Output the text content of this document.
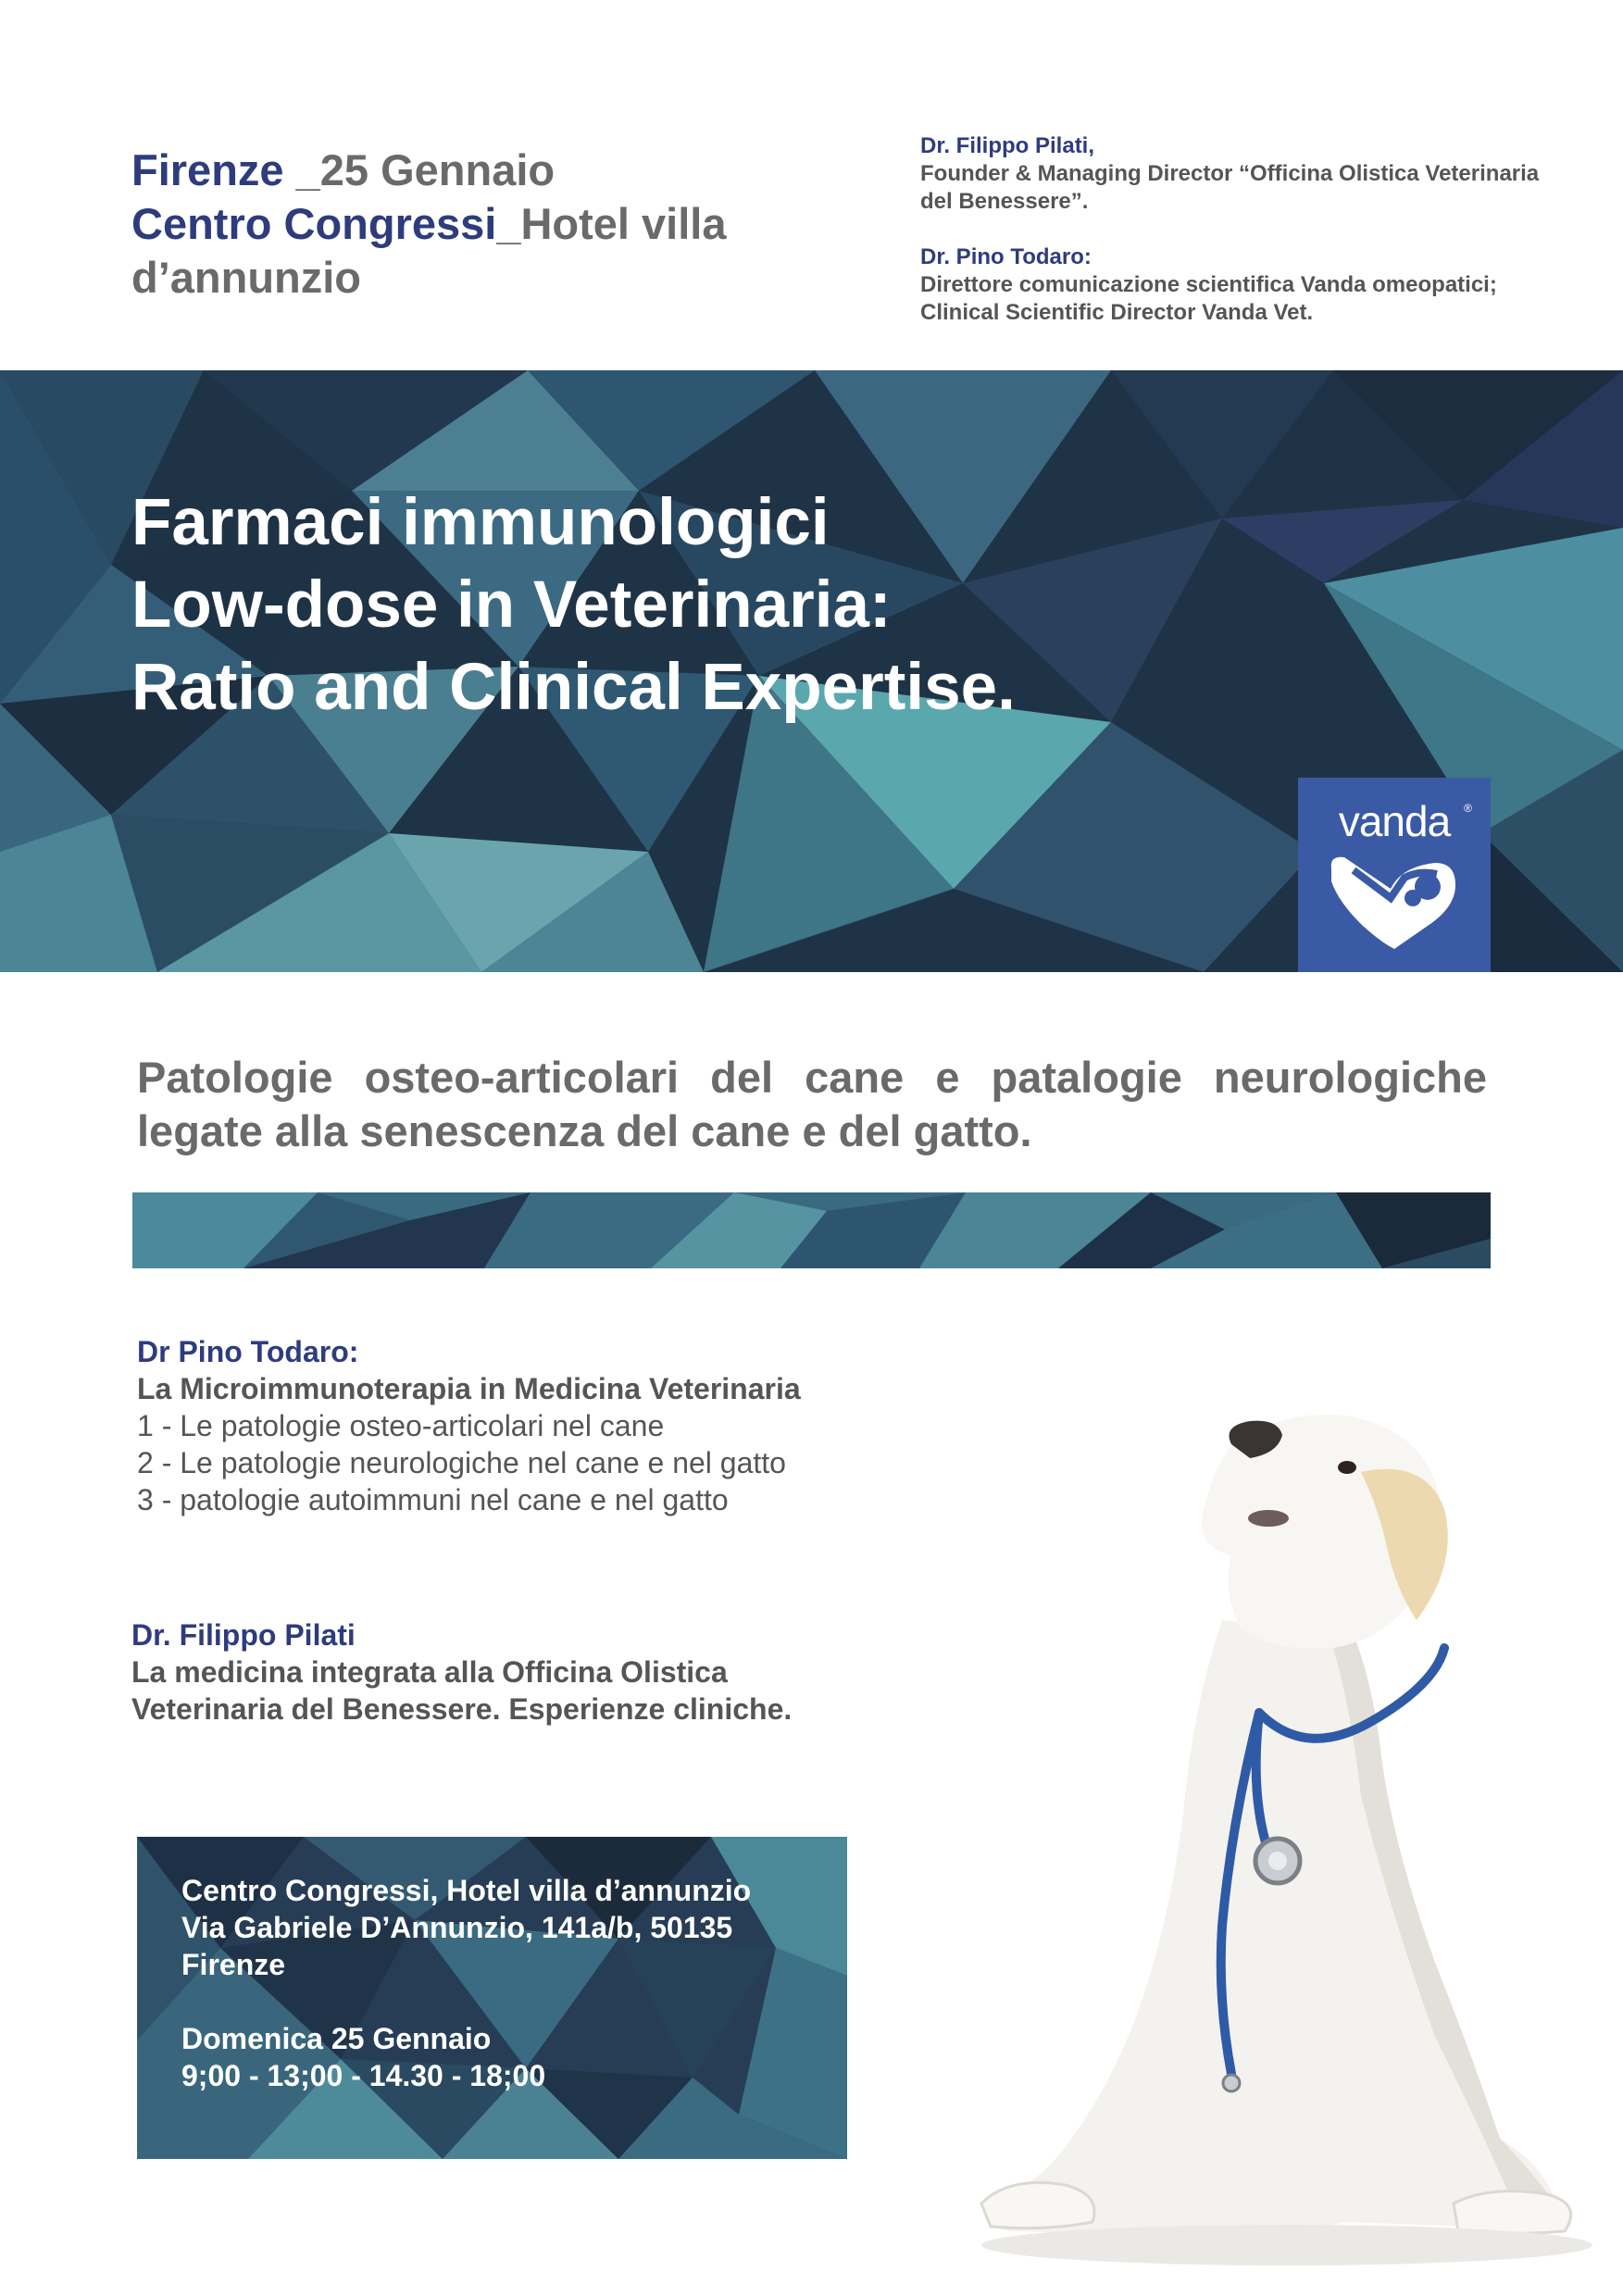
Firenze _25 Gennaio
Centro Congressi_Hotel villa
d’annunzio
Dr. Filippo Pilati,
Founder & Managing Director “Officina Olistica Veterinaria del Benessere”.
Dr. Pino Todaro:
Direttore comunicazione scientifica Vanda omeopatici; Clinical Scientific Director Vanda Vet.
Farmaci immunologici
Low-dose in Veterinaria:
Ratio and Clinical Expertise.
vanda	®
Patologie osteo-articolari del cane e patalogie neurologiche legate alla senescenza del cane e del gatto.
Dr Pino Todaro:
La Microimmunoterapia in Medicina Veterinaria
1 - Le patologie osteo-articolari nel cane
2 - Le patologie neurologiche nel cane e nel gatto
3 - patologie autoimmuni nel cane e nel gatto
Dr. Filippo Pilati
La medicina integrata alla Officina Olistica
Veterinaria del Benessere. Esperienze cliniche.
Centro Congressi, Hotel villa d’annunzio
Via Gabriele D’Annunzio, 141a/b, 50135
Firenze
Domenica 25 Gennaio
9;00 - 13;00 - 14.30 - 18;00
